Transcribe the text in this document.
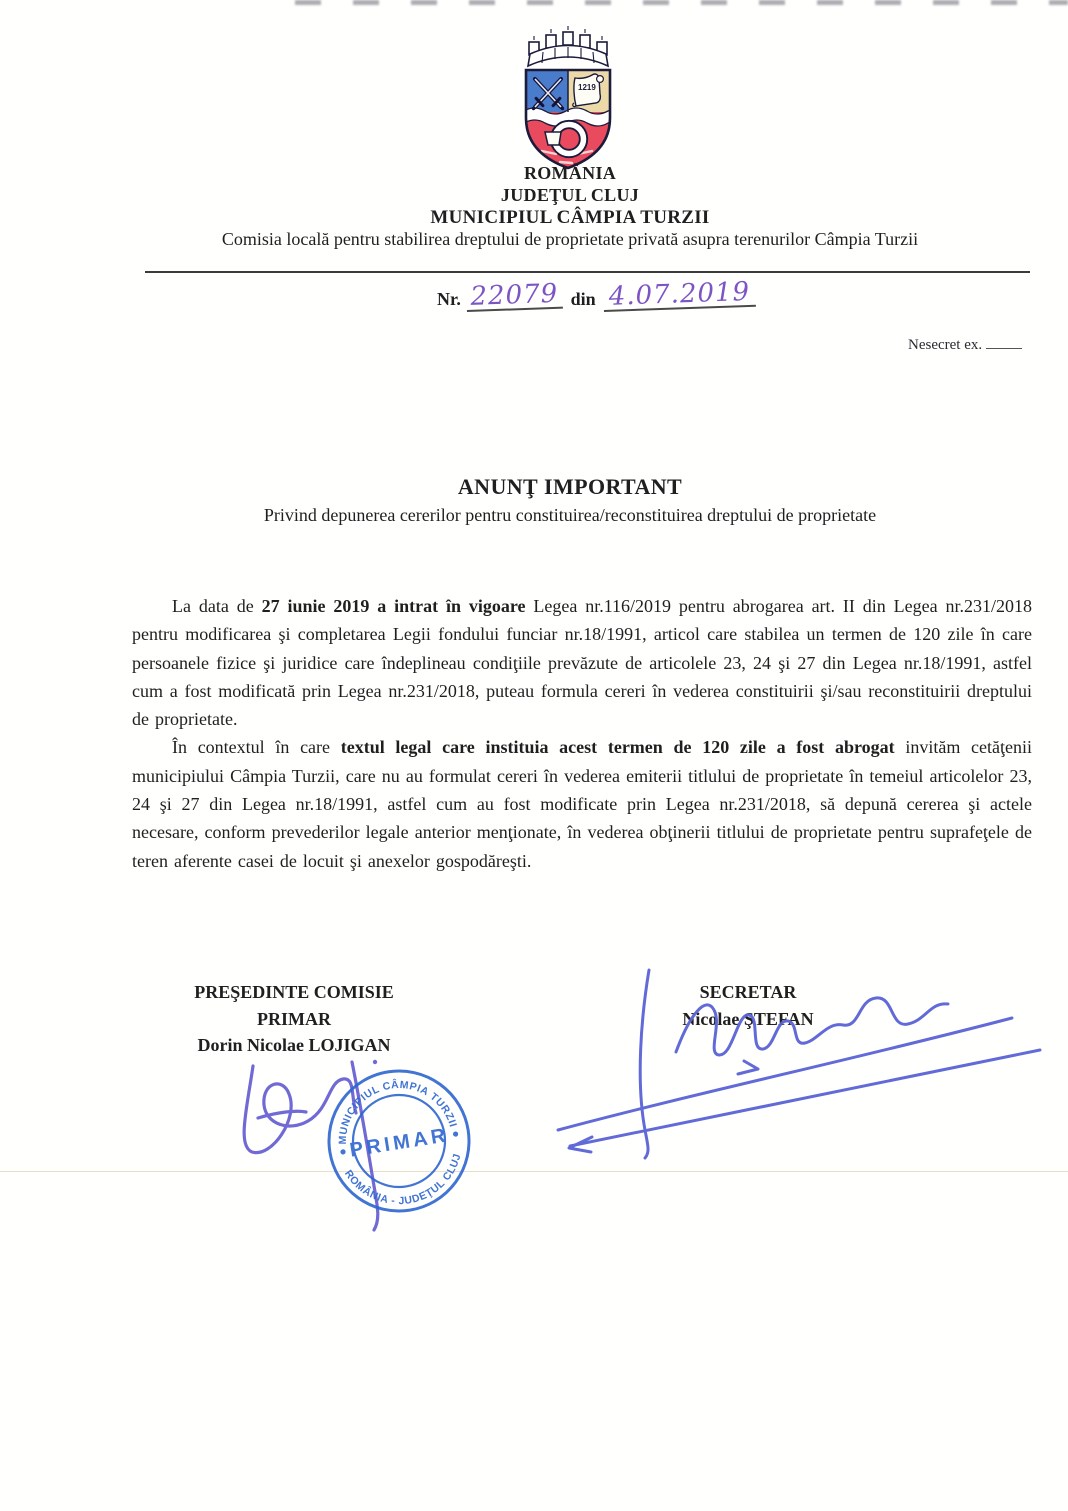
1219
ROMÂNIA
JUDEŢUL CLUJ
MUNICIPIUL CÂMPIA TURZII
Comisia locală pentru stabilirea dreptului de proprietate privată asupra terenurilor Câmpia Turzii
Nr. 22079 din 4.07.2019
Nesecret ex.
ANUNŢ IMPORTANT
Privind depunerea cererilor pentru constituirea/reconstituirea dreptului de proprietate

La data de 27 iunie 2019 a intrat în vigoare Legea nr.116/2019 pentru abrogarea art. II din Legea nr.231/2018 pentru modificarea şi completarea Legii fondului funciar nr.18/1991, articol care stabilea un termen de 120 zile în care persoanele fizice şi juridice care îndeplineau condiţiile prevăzute de articolele 23, 24 şi 27 din Legea nr.18/1991, astfel cum a fost modificată prin Legea nr.231/2018, puteau formula cereri în vederea constituirii şi/sau reconstituirii dreptului de proprietate.

În contextul în care textul legal care instituia acest termen de 120 zile a fost abrogat invităm cetăţenii municipiului Câmpia Turzii, care nu au formulat cereri în vederea emiterii titlului de proprietate în temeiul articolelor 23, 24 şi 27 din Legea nr.18/1991, astfel cum au fost modificate prin Legea nr.231/2018, să depună cererea şi actele necesare, conform prevederilor legale anterior menţionate, în vederea obţinerii titlului de proprietate pentru suprafeţele de teren aferente casei de locuit şi anexelor gospodăreşti.

PREŞEDINTE COMISIE
PRIMAR
Dorin Nicolae LOJIGAN
SECRETAR
Nicolae ŞTEFAN
MUNICIPIUL CÂMPIA TURZII
ROMÂNIA - JUDEŢUL CLUJ
PRIMAR
